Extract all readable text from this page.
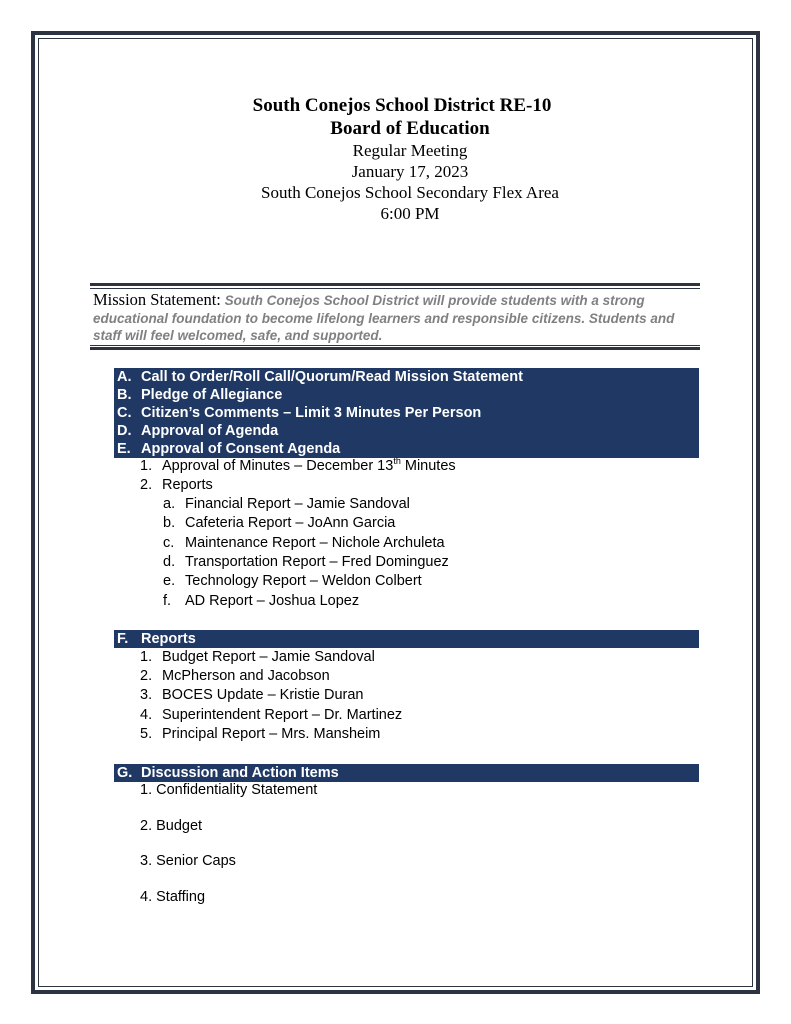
South Conejos School District RE-10
Board of Education
Regular Meeting
January 17, 2023
South Conejos School Secondary Flex Area
6:00 PM
Mission Statement: South Conejos School District will provide students with a strong educational foundation to become lifelong learners and responsible citizens. Students and staff will feel welcomed, safe, and supported.
A. Call to Order/Roll Call/Quorum/Read Mission Statement
B. Pledge of Allegiance
C. Citizen’s Comments – Limit 3 Minutes Per Person
D. Approval of Agenda
E. Approval of Consent Agenda
1. Approval of Minutes – December 13th Minutes
2. Reports
a. Financial Report – Jamie Sandoval
b. Cafeteria Report – JoAnn Garcia
c. Maintenance Report – Nichole Archuleta
d. Transportation Report – Fred Dominguez
e. Technology Report – Weldon Colbert
f. AD Report – Joshua Lopez
F. Reports
1. Budget Report – Jamie Sandoval
2. McPherson and Jacobson
3. BOCES Update – Kristie Duran
4. Superintendent Report – Dr. Martinez
5. Principal Report – Mrs. Mansheim
G. Discussion and Action Items
1. Confidentiality Statement
2. Budget
3. Senior Caps
4. Staffing
